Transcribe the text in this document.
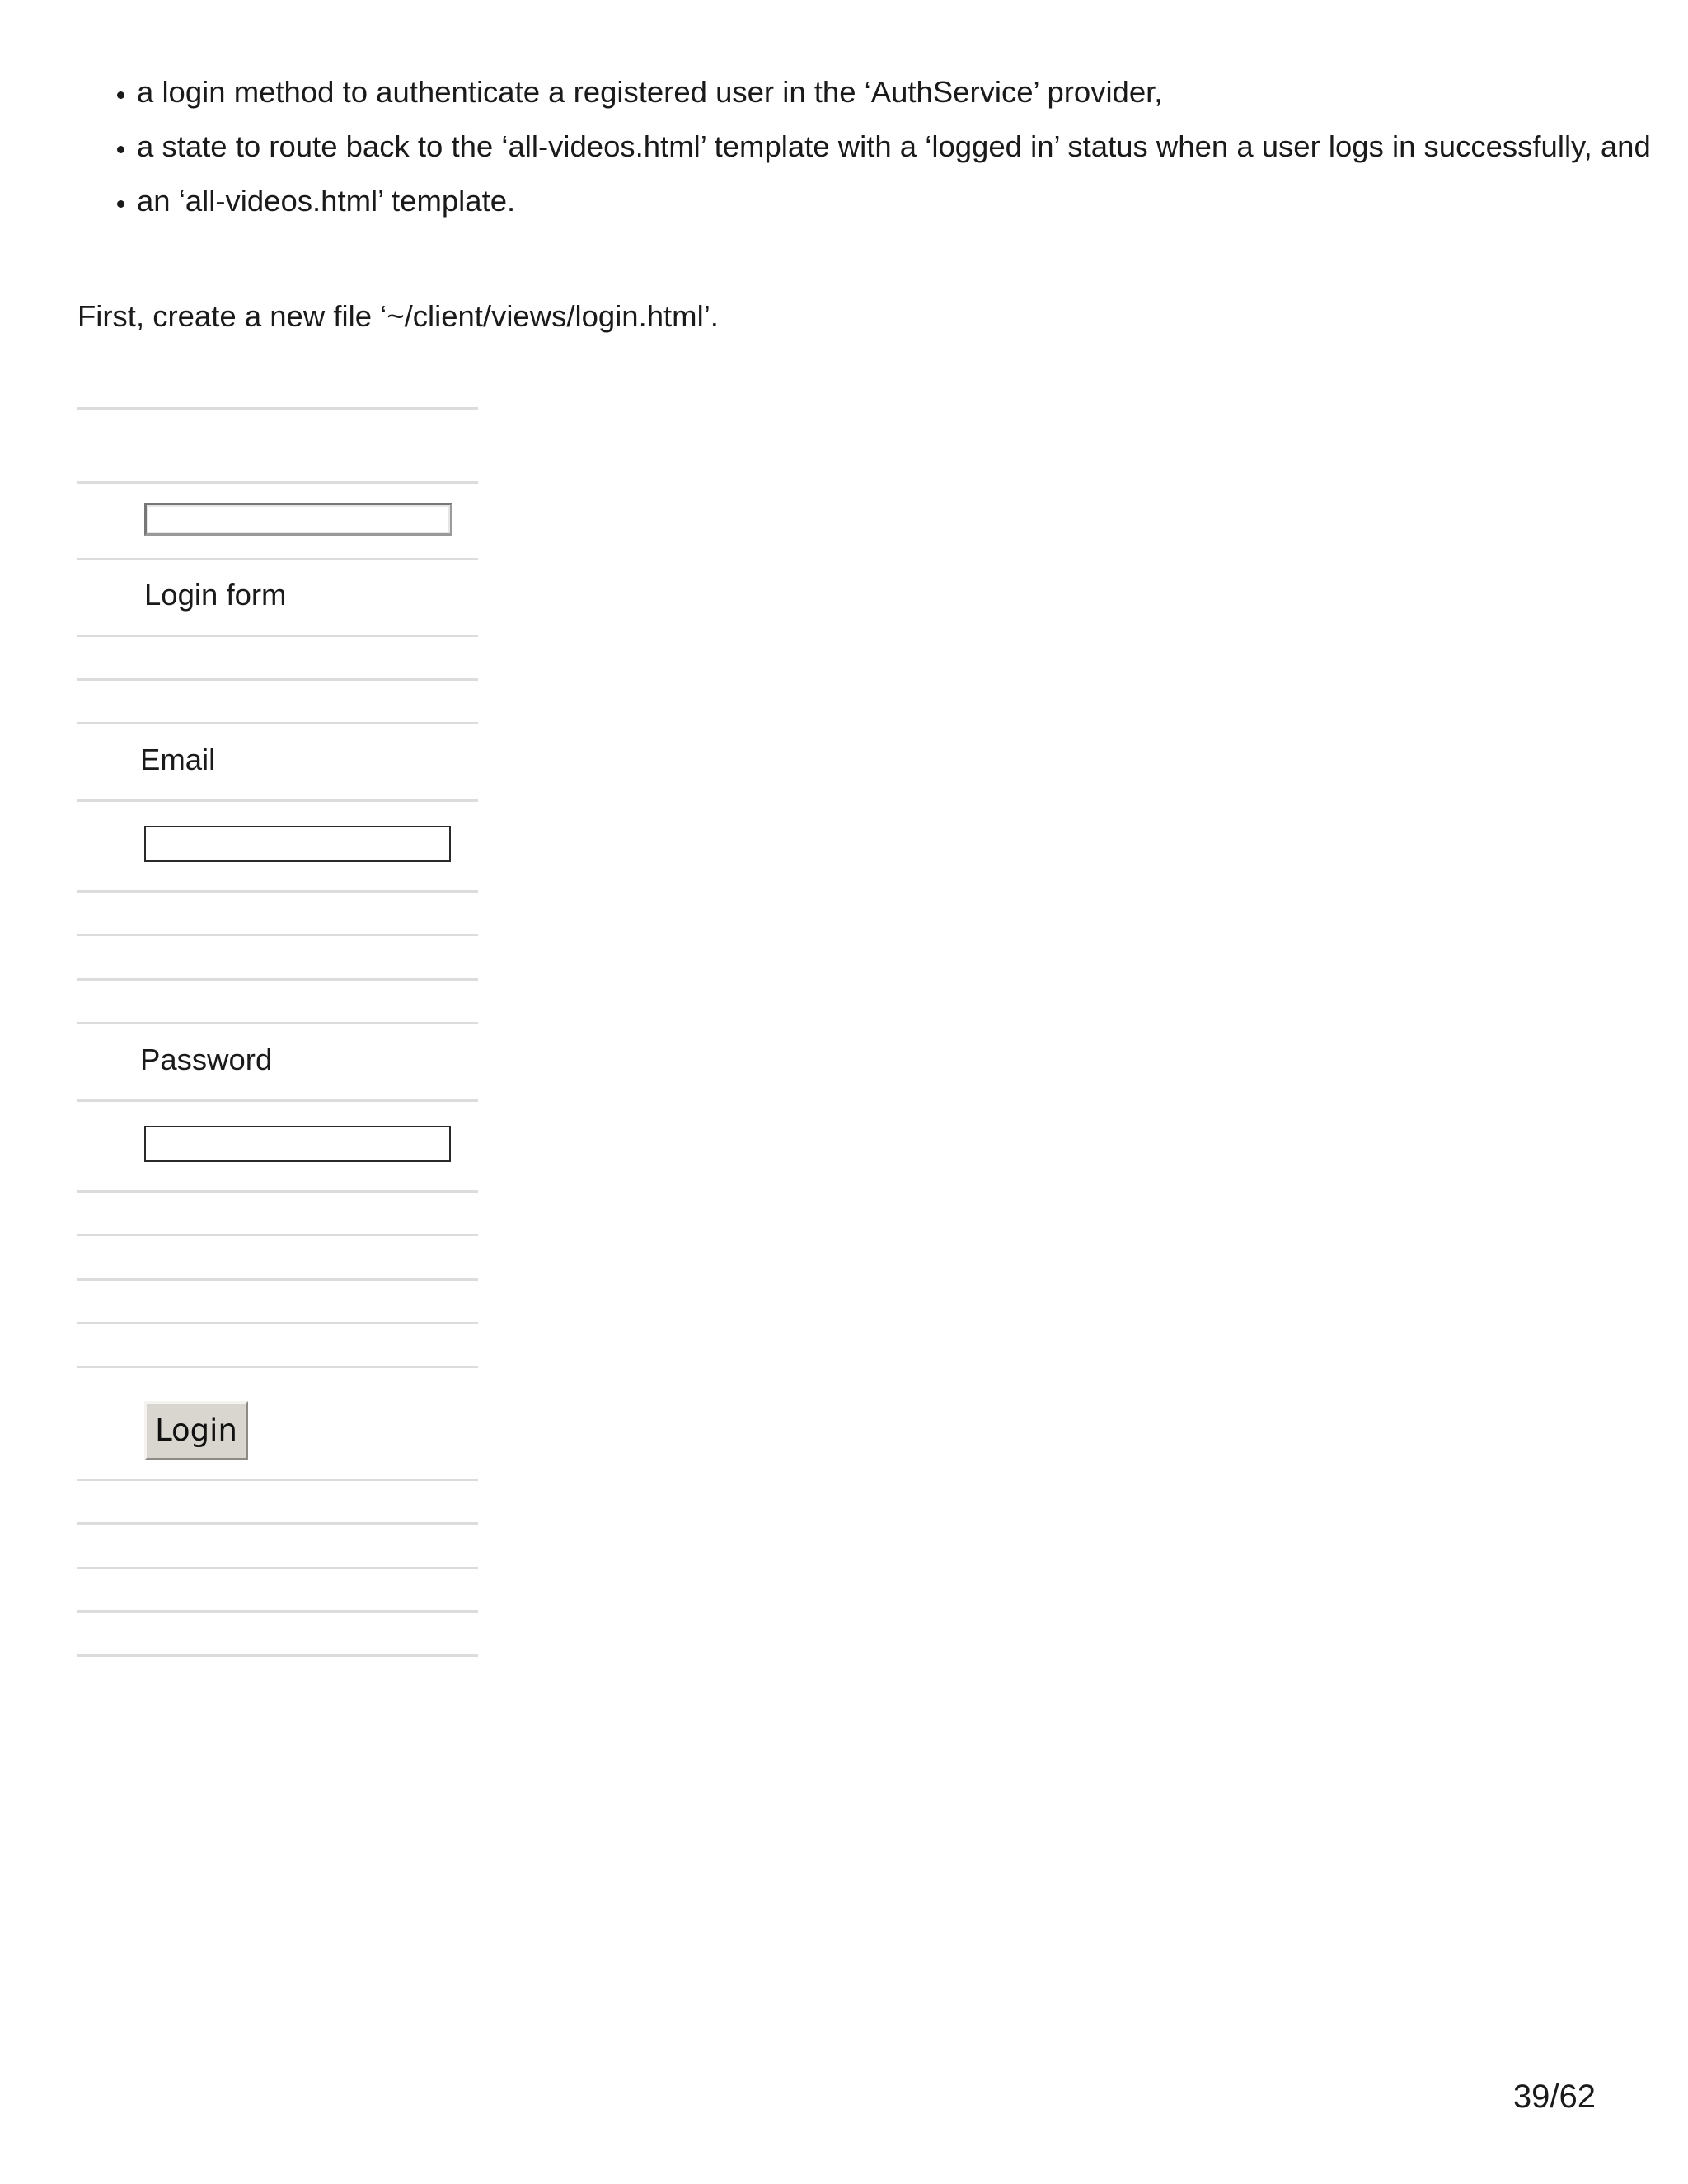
• a login method to authenticate a registered user in the ‘AuthService’ provider,
• a state to route back to the ‘all-videos.html’ template with a ‘logged in’ status when a user logs in successfully, and
• an ‘all-videos.html’ template.

First, create a new file ‘~/client/views/login.html’.

Login form

Email

Password

Login

39/62
